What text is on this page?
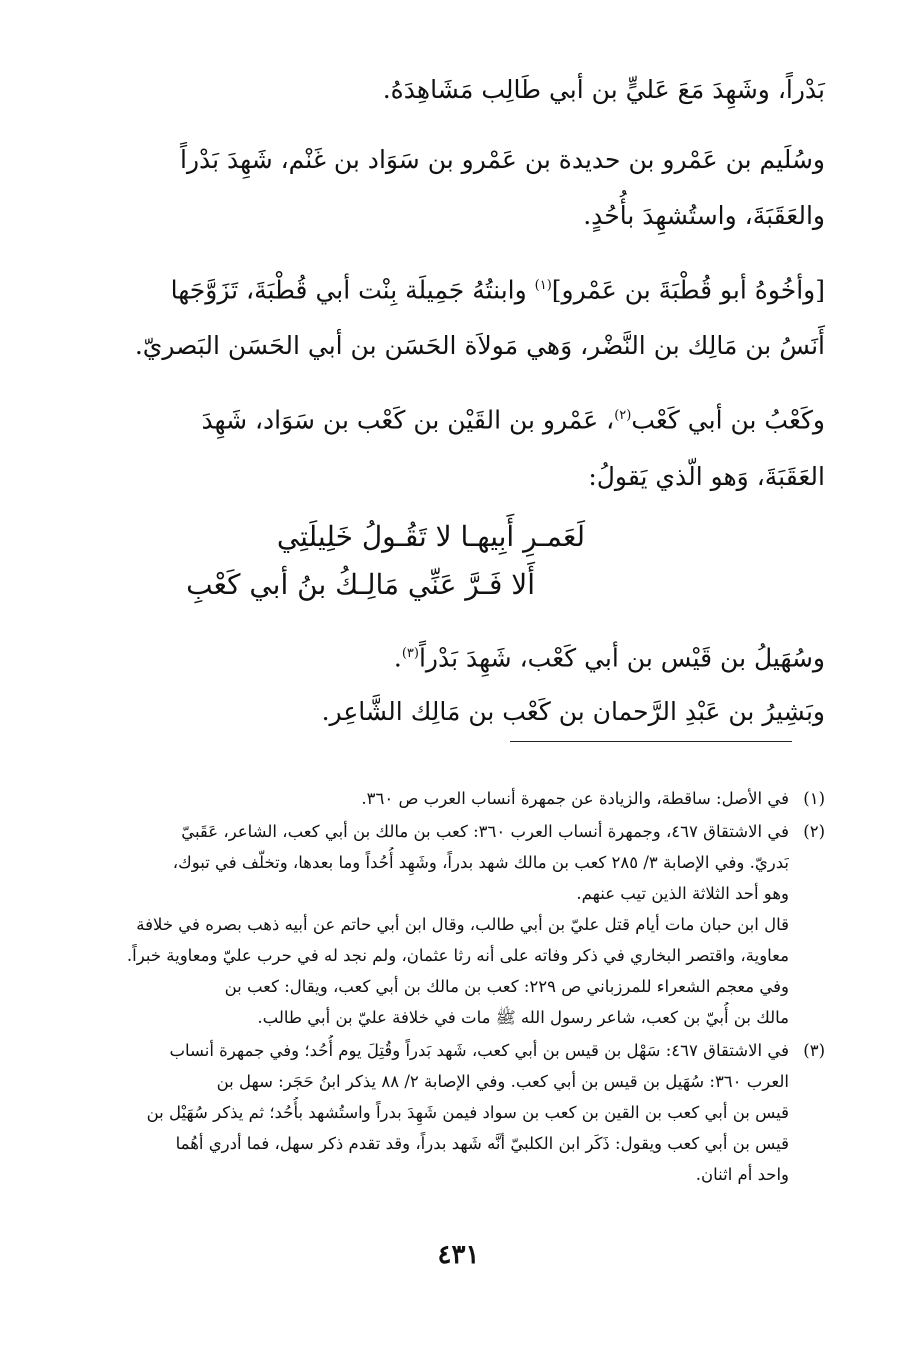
بَدْراً، وشَهِدَ مَعَ عَليٍّ بن أبي طَالِب مَشَاهِدَهُ.

وسُلَيم بن عَمْرو بن حديدة بن عَمْرو بن سَوَاد بن غَنْم، شَهِدَ بَدْراً

والعَقَبَةَ، واستُشهِدَ بأُحُدٍ.

[وأخُوهُ أبو قُطْبَةَ بن عَمْرو]$^{(١)}$ وابنتُهُ جَمِيلَة بِنْت أبي قُطْبَةَ، تَزَوَّجَها

أَنَسُ بن مَالِك بن النَّضْر، وَهي مَولاَة الحَسَن بن أبي الحَسَن البَصريّ.

وكَعْبُ بن أبي كَعْب$^{(٢)}$، عَمْرو بن القَيْن بن كَعْب بن سَوَاد، شَهِدَ

العَقَبَةَ، وَهو الّذي يَقولُ:

لَعَمـرِ أَبِيهـا لا تَقُـولُ خَلِيلَتِي
أَلا فَـرَّ عَنِّي مَالِـكُ بنُ أبي كَعْبِ

وسُهَيلُ بن قَيْس بن أبي كَعْب، شَهِدَ بَدْراً$^{(٣)}$.

وبَشِيرُ بن عَبْدِ الرَّحمان بن كَعْب بن مَالِك الشَّاعِر.

(١)
في الأصل: ساقطة، والزيادة عن جمهرة أنساب العرب ص ٣٦٠.
(٢)
في الاشتقاق ٤٦٧، وجمهرة أنساب العرب ٣٦٠: كعب بن مالك بن أبي كعب، الشاعر، عَقَبيّ
بَدريّ. وفي الإصابة ٣/ ٢٨٥ كعب بن مالك شهد بدراً، وشَهِد أُحُداً وما بعدها، وتخلّف في تبوك،
وهو أحد الثلاثة الذين تيب عنهم.
قال ابن حبان مات أيام قتل عليّ بن أبي طالب، وقال ابن أبي حاتم عن أبيه ذهب بصره في خلافة
معاوية، واقتصر البخاري في ذكر وفاته على أنه رثا عثمان، ولم نجد له في حرب عليّ ومعاوية خبراً.
وفي معجم الشعراء للمرزباني ص ٢٢٩: كعب بن مالك بن أبي كعب، ويقال: كعب بن
مالك بن أُبيّ بن كعب، شاعر رسول الله ﷺ مات في خلافة عليّ بن أبي طالب.
(٣)
في الاشتقاق ٤٦٧: سَهْل بن قيس بن أبي كعب، شَهد بَدراً وقُتِلَ يوم أُحُد؛ وفي جمهرة أنساب
العرب ٣٦٠: سُهَيل بن قيس بن أبي كعب. وفي الإصابة ٢/ ٨٨ يذكر ابنُ حَجَر: سهل بن
قيس بن أبي كعب بن القين بن كعب بن سواد فيمن شَهِدَ بدراً واستُشهد بأُحُد؛ ثم يذكر سُهَيْل بن
قيس بن أبي كعب ويقول: ذَكَر ابن الكلبيّ أنَّه شَهد بدراً، وقد تقدم ذكر سهل، فما أدري أهُما
واحد أم اثنان.
٤٣١
